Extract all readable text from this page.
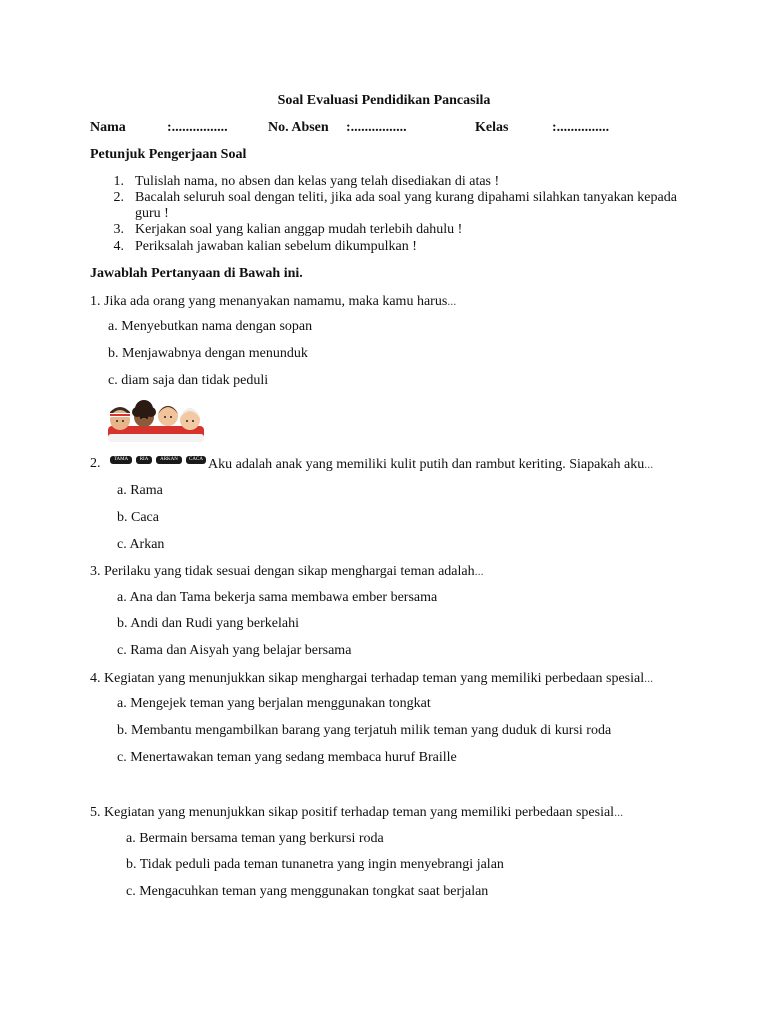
Soal Evaluasi Pendidikan Pancasila
Nama	:................	No. Absen :................	Kelas	:...............
Petunjuk Pengerjaan Soal
1. Tulislah nama, no absen dan kelas yang telah disediakan di atas !
2. Bacalah seluruh soal dengan teliti, jika ada soal yang kurang dipahami silahkan tanyakan kepada guru !
3. Kerjakan soal yang kalian anggap mudah terlebih dahulu !
4. Periksalah jawaban kalian sebelum dikumpulkan !
Jawablah Pertanyaan di Bawah ini.
1. Jika ada orang yang menanyakan namamu, maka kamu harus...
a. Menyebutkan nama dengan sopan
b. Menjawabnya dengan menunduk
c. diam saja dan tidak peduli
TAMA	RIA	ARKAN	CACA
2.	Aku adalah anak yang memiliki kulit putih dan rambut keriting. Siapakah aku...
a. Rama
b. Caca
c. Arkan
3. Perilaku yang tidak sesuai dengan sikap menghargai teman adalah...
a. Ana dan Tama bekerja sama membawa ember bersama
b. Andi dan Rudi yang berkelahi
c. Rama dan Aisyah yang belajar bersama
4. Kegiatan yang menunjukkan sikap menghargai terhadap teman yang memiliki perbedaan spesial...
a. Mengejek teman yang berjalan menggunakan tongkat
b. Membantu mengambilkan barang yang terjatuh milik teman yang duduk di kursi roda
c. Menertawakan teman yang sedang membaca huruf Braille
5. Kegiatan yang menunjukkan sikap positif terhadap teman yang memiliki perbedaan spesial...
a. Bermain bersama teman yang berkursi roda
b. Tidak peduli pada teman tunanetra yang ingin menyebrangi jalan
c. Mengacuhkan teman yang menggunakan tongkat saat berjalan
